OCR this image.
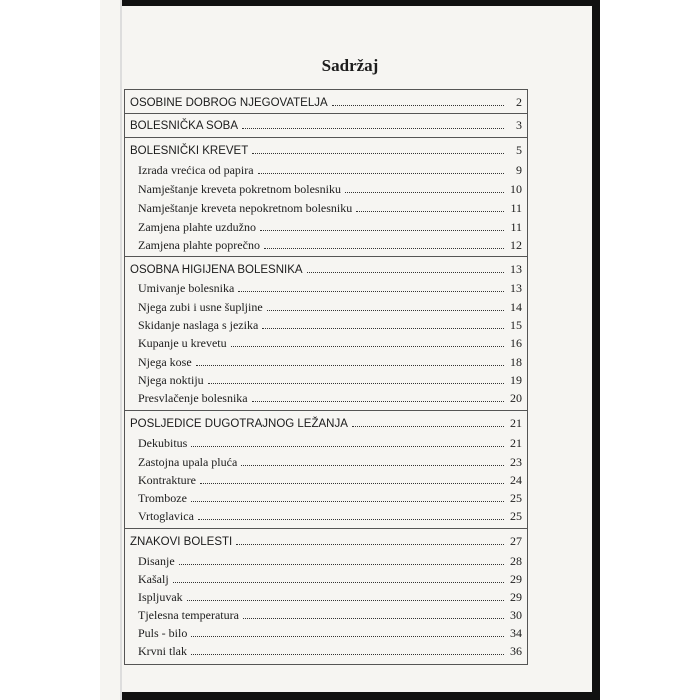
Sadržaj
OSOBINE DOBROG NJEGOVATELJA	2
BOLESNIČKA SOBA	3
BOLESNIČKI KREVET	5
Izrada vrećica od papira	9
Namještanje kreveta pokretnom bolesniku	10
Namještanje kreveta nepokretnom bolesniku	11
Zamjena plahte uzdužno	11
Zamjena plahte poprečno	12
OSOBNA HIGIJENA BOLESNIKA	13
Umivanje bolesnika	13
Njega zubi i usne šupljine	14
Skidanje naslaga s jezika	15
Kupanje u krevetu	16
Njega kose	18
Njega noktiju	19
Presvlačenje bolesnika	20
POSLJEDICE DUGOTRAJNOG LEŽANJA	21
Dekubitus	21
Zastojna upala pluća	23
Kontrakture	24
Tromboze	25
Vrtoglavica	25
ZNAKOVI BOLESTI	27
Disanje	28
Kašalj	29
Ispljuvak	29
Tjelesna temperatura	30
Puls - bilo	34
Krvni tlak	36
